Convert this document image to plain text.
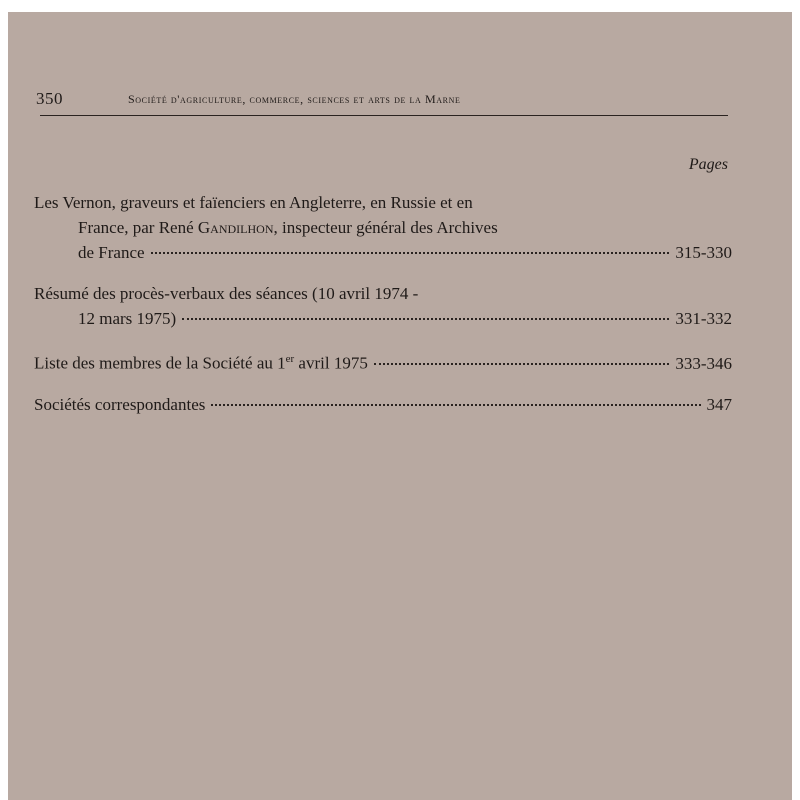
350	Société d'agriculture, commerce, sciences et arts de la Marne
Pages
Les Vernon, graveurs et faïenciers en Angleterre, en Russie et en
France, par René Gandilhon, inspecteur général des Archives
de France	315-330
Résumé des procès-verbaux des séances (10 avril 1974 -
12 mars 1975)	331-332
Liste des membres de la Société au 1er avril 1975	333-346
Sociétés correspondantes	347
